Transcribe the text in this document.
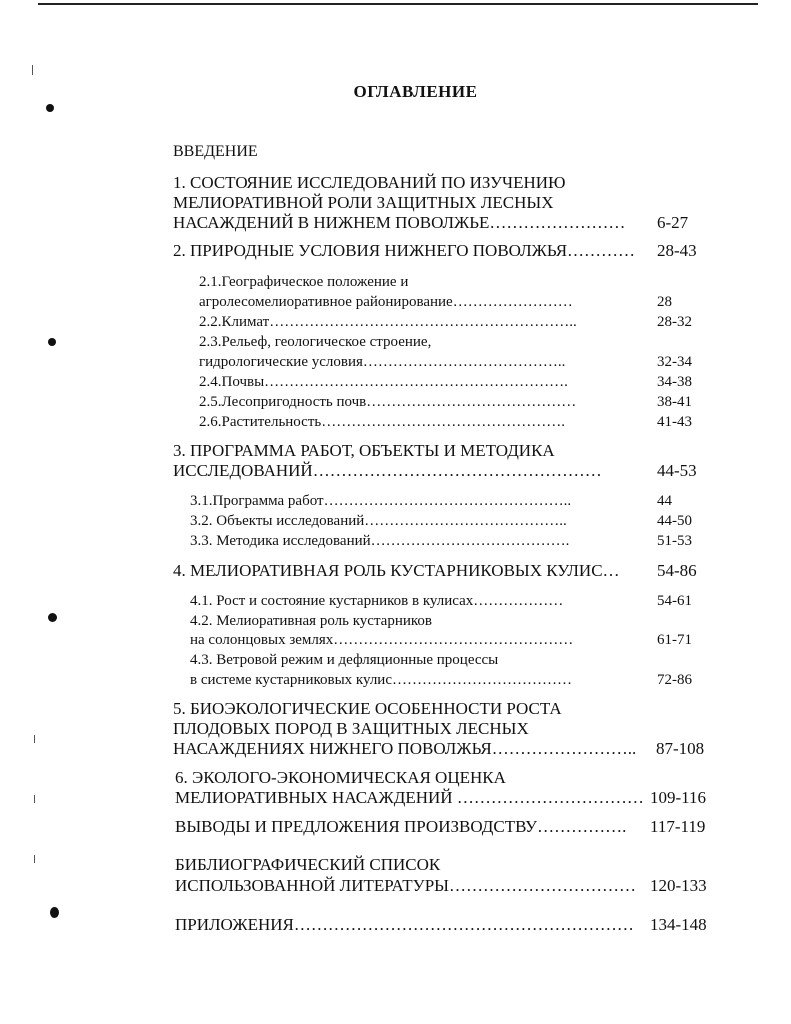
ОГЛАВЛЕНИЕ
ВВЕДЕНИЕ
1. СОСТОЯНИЕ ИССЛЕДОВАНИЙ ПО ИЗУЧЕНИЮ
МЕЛИОРАТИВНОЙ РОЛИ ЗАЩИТНЫХ ЛЕСНЫХ
НАСАЖДЕНИЙ В НИЖНЕМ ПОВОЛЖЬЕ…………………… 6-27
2. ПРИРОДНЫЕ УСЛОВИЯ НИЖНЕГО ПОВОЛЖЬЯ………… 28-43
2.1.Географическое положение и
агролесомелиоративное районирование……………………	28
2.2.Климат……………………………………………………..	28-32
2.3.Рельеф, геологическое строение,
гидрологические условия…………………………………..	32-34
2.4.Почвы…………………………………………………….	34-38
2.5.Лесопригодность почв……………………………………	38-41
2.6.Растительность………………………………………….	41-43
3. ПРОГРАММА РАБОТ, ОБЪЕКТЫ И МЕТОДИКА
ИССЛЕДОВАНИЙ……………………………………………	44-53
3.1.Программа работ…………………………………………..	44
3.2. Объекты исследований…………………………………..	44-50
3.3. Методика исследований………………………………….	51-53
4. МЕЛИОРАТИВНАЯ РОЛЬ КУСТАРНИКОВЫХ КУЛИС… 54-86
4.1. Рост и состояние кустарников в кулисах………………	54-61
4.2. Мелиоративная роль кустарников
на солонцовых землях…………………………………………	61-71
4.3. Ветровой режим и дефляционные процессы
в системе кустарниковых кулис………………………………	72-86
5. БИОЭКОЛОГИЧЕСКИЕ ОСОБЕННОСТИ РОСТА
ПЛОДОВЫХ ПОРОД В ЗАЩИТНЫХ ЛЕСНЫХ
НАСАЖДЕНИЯХ НИЖНЕГО ПОВОЛЖЬЯ…………………….. 87-108
6. ЭКОЛОГО-ЭКОНОМИЧЕСКАЯ ОЦЕНКА
МЕЛИОРАТИВНЫХ НАСАЖДЕНИЙ …………………………… 109-116
ВЫВОДЫ И ПРЕДЛОЖЕНИЯ ПРОИЗВОДСТВУ……………. 117-119
БИБЛИОГРАФИЧЕСКИЙ СПИСОК
ИСПОЛЬЗОВАННОЙ ЛИТЕРАТУРЫ…………………………… 120-133
ПРИЛОЖЕНИЯ…………………………………………………… 134-148
